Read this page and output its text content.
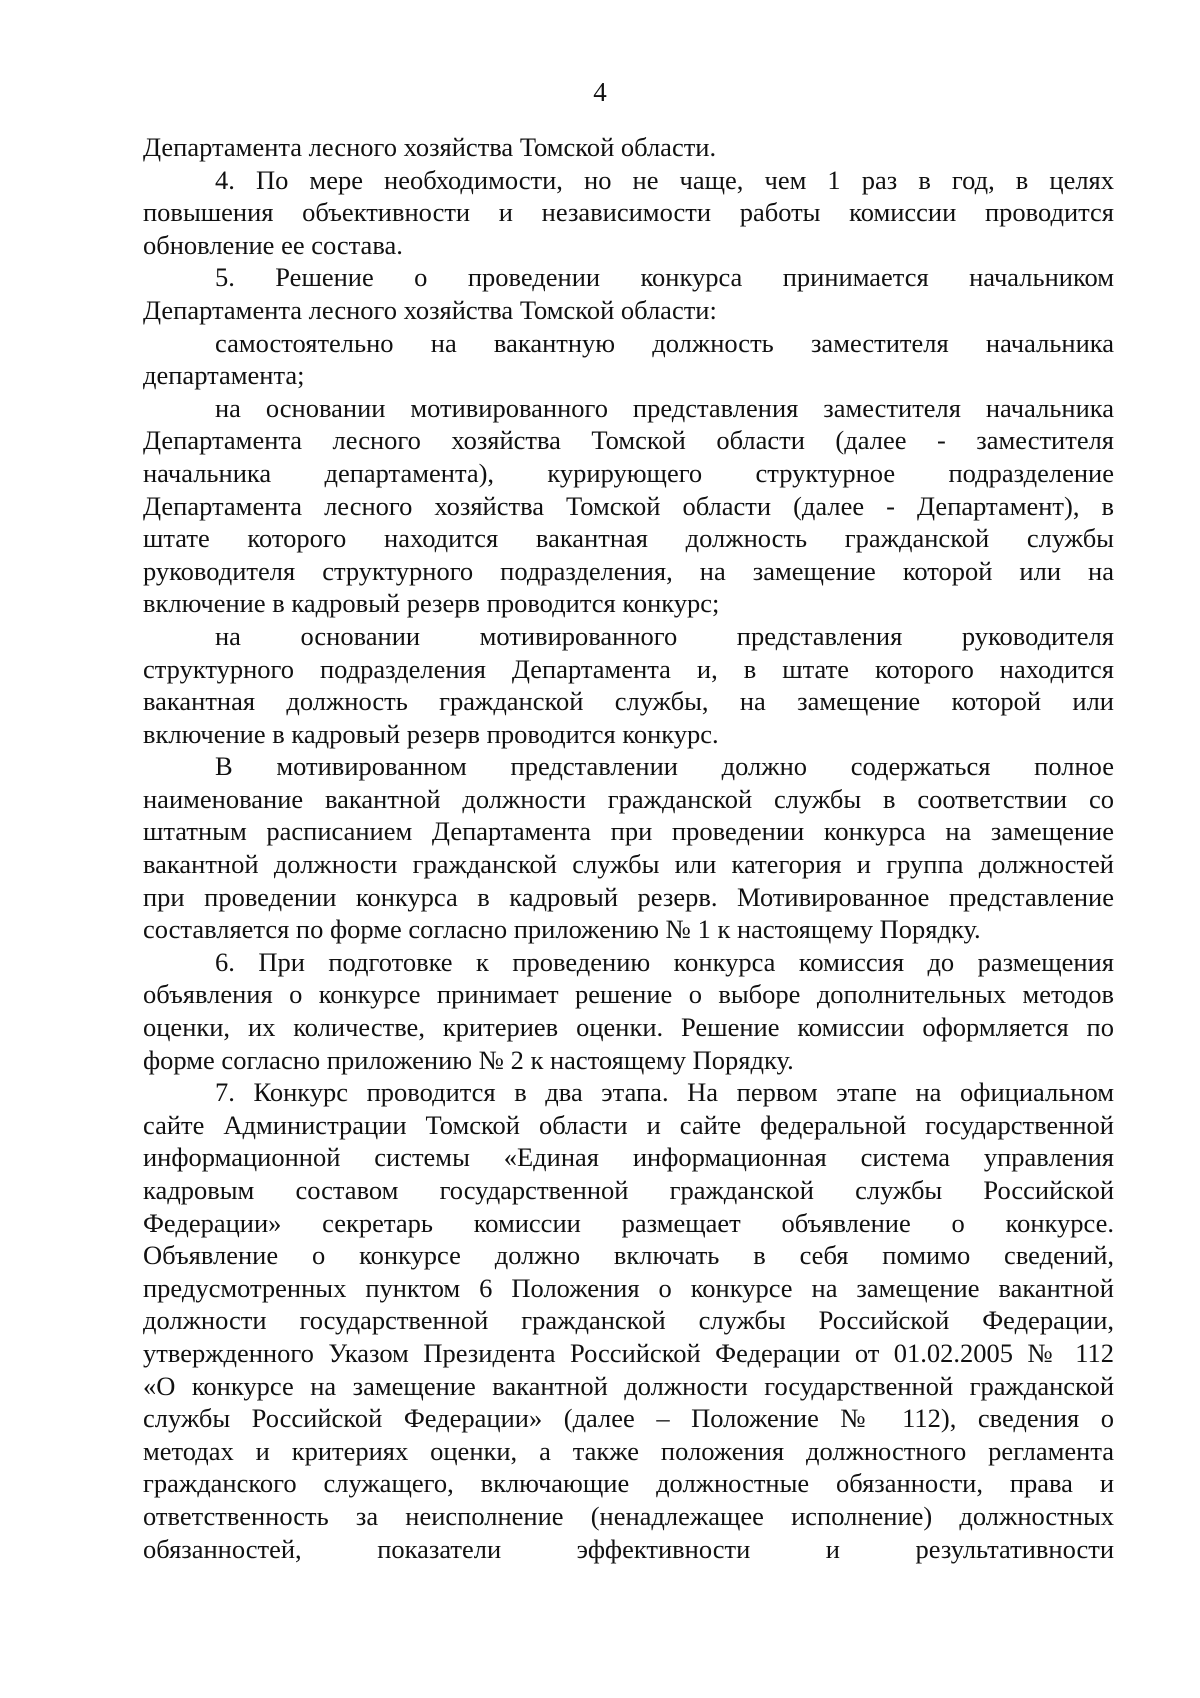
4
Департамента лесного хозяйства Томской области.
4. По мере необходимости, но не чаще, чем 1 раз в год, в целях
повышения объективности и независимости работы комиссии проводится
обновление ее состава.
5. Решение о проведении конкурса принимается начальником
Департамента лесного хозяйства Томской области:
самостоятельно на вакантную должность заместителя начальника
департамента;
на основании мотивированного представления заместителя начальника
Департамента лесного хозяйства Томской области (далее - заместителя
начальника департамента), курирующего структурное подразделение
Департамента лесного хозяйства Томской области (далее - Департамент), в
штате которого находится вакантная должность гражданской службы
руководителя структурного подразделения, на замещение которой или на
включение в кадровый резерв проводится конкурс;
на основании мотивированного представления руководителя
структурного подразделения Департамента и, в штате которого находится
вакантная должность гражданской службы, на замещение которой или
включение в кадровый резерв проводится конкурс.
В мотивированном представлении должно содержаться полное
наименование вакантной должности гражданской службы в соответствии со
штатным расписанием Департамента при проведении конкурса на замещение
вакантной должности гражданской службы или категория и группа должностей
при проведении конкурса в кадровый резерв. Мотивированное представление
составляется по форме согласно приложению № 1 к настоящему Порядку.
6. При подготовке к проведению конкурса комиссия до размещения
объявления о конкурсе принимает решение о выборе дополнительных методов
оценки, их количестве, критериев оценки. Решение комиссии оформляется по
форме согласно приложению № 2 к настоящему Порядку.
7. Конкурс проводится в два этапа. На первом этапе на официальном
сайте Администрации Томской области и сайте федеральной государственной
информационной системы «Единая информационная система управления
кадровым составом государственной гражданской службы Российской
Федерации» секретарь комиссии размещает объявление о конкурсе.
Объявление о конкурсе должно включать в себя помимо сведений,
предусмотренных пунктом 6 Положения о конкурсе на замещение вакантной
должности государственной гражданской службы Российской Федерации,
утвержденного Указом Президента Российской Федерации от 01.02.2005 № 112
«О конкурсе на замещение вакантной должности государственной гражданской
службы Российской Федерации» (далее – Положение № 112), сведения о
методах и критериях оценки, а также положения должностного регламента
гражданского служащего, включающие должностные обязанности, права и
ответственность за неисполнение (ненадлежащее исполнение) должностных
обязанностей, показатели эффективности и результативности
